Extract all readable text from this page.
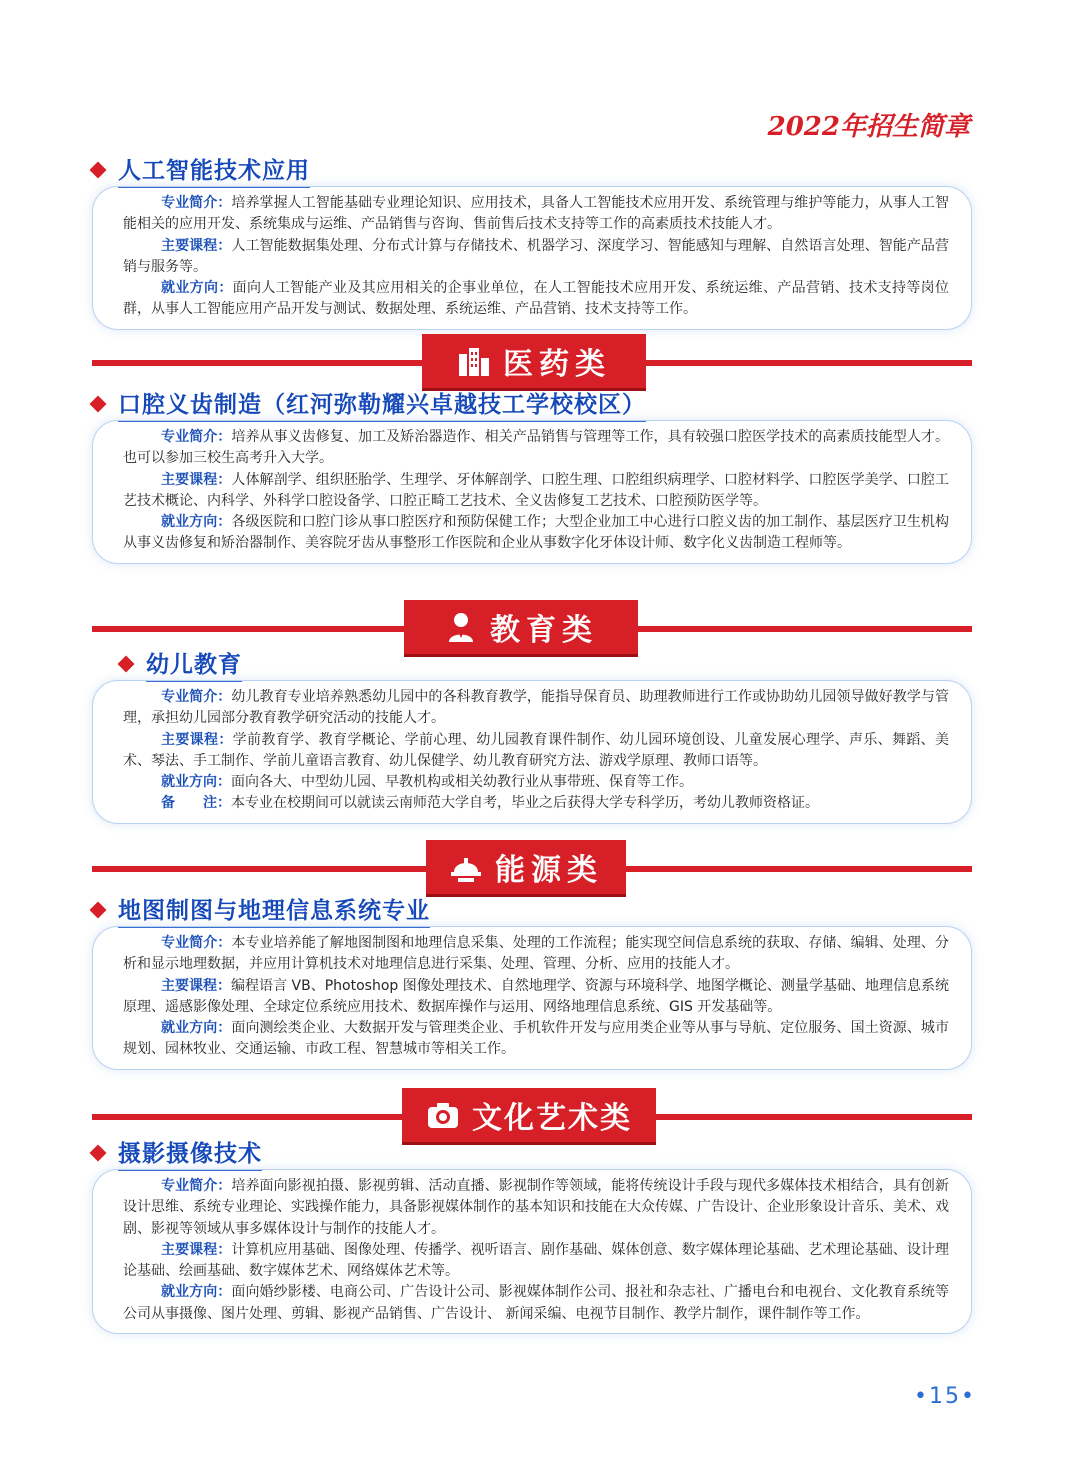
2022年招生简章
人工智能技术应用

专业简介：培养掌握人工智能基础专业理论知识、应用技术，具备人工智能技术应用开发、系统管理与维护等能力，从事人工智能相关的应用开发、系统集成与运维、产品销售与咨询、售前售后技术支持等工作的高素质技术技能人才。

主要课程：人工智能数据集处理、分布式计算与存储技术、机器学习、深度学习、智能感知与理解、自然语言处理、智能产品营销与服务等。

就业方向：面向人工智能产业及其应用相关的企事业单位，在人工智能技术应用开发、系统运维、产品营销、技术支持等岗位群，从事人工智能应用产品开发与测试、数据处理、系统运维、产品营销、技术支持等工作。

医药类
口腔义齿制造（红河弥勒耀兴卓越技工学校校区）

专业简介：培养从事义齿修复、加工及矫治器造作、相关产品销售与管理等工作，具有较强口腔医学技术的高素质技能型人才。也可以参加三校生高考升入大学。

主要课程：人体解剖学、组织胚胎学、生理学、牙体解剖学、口腔生理、口腔组织病理学、口腔材料学、口腔医学美学、口腔工艺技术概论、内科学、外科学口腔设备学、口腔正畸工艺技术、全义齿修复工艺技术、口腔预防医学等。

就业方向：各级医院和口腔门诊从事口腔医疗和预防保健工作；大型企业加工中心进行口腔义齿的加工制作、基层医疗卫生机构从事义齿修复和矫治器制作、美容院牙齿从事整形工作医院和企业从事数字化牙体设计师、数字化义齿制造工程师等。

教育类
幼儿教育

专业简介：幼儿教育专业培养熟悉幼儿园中的各科教育教学，能指导保育员、助理教师进行工作或协助幼儿园领导做好教学与管理，承担幼儿园部分教育教学研究活动的技能人才。

主要课程：学前教育学、教育学概论、学前心理、幼儿园教育课件制作、幼儿园环境创设、儿童发展心理学、声乐、舞蹈、美术、琴法、手工制作、学前儿童语言教育、幼儿保健学、幼儿教育研究方法、游戏学原理、教师口语等。

就业方向：面向各大、中型幼儿园、早教机构或相关幼教行业从事带班、保育等工作。

备　　注：本专业在校期间可以就读云南师范大学自考，毕业之后获得大学专科学历，考幼儿教师资格证。

能源类
地图制图与地理信息系统专业

专业简介：本专业培养能了解地图制图和地理信息采集、处理的工作流程；能实现空间信息系统的获取、存储、编辑、处理、分析和显示地理数据，并应用计算机技术对地理信息进行采集、处理、管理、分析、应用的技能人才。

主要课程：编程语言 VB、Photoshop 图像处理技术、自然地理学、资源与环境科学、地图学概论、测量学基础、地理信息系统原理、遥感影像处理、全球定位系统应用技术、数据库操作与运用、网络地理信息系统、GIS 开发基础等。

就业方向：面向测绘类企业、大数据开发与管理类企业、手机软件开发与应用类企业等从事与导航、定位服务、国土资源、城市规划、园林牧业、交通运输、市政工程、智慧城市等相关工作。

文化艺术类
摄影摄像技术

专业简介：培养面向影视拍摄、影视剪辑、活动直播、影视制作等领域，能将传统设计手段与现代多媒体技术相结合，具有创新设计思维、系统专业理论、实践操作能力，具备影视媒体制作的基本知识和技能在大众传媒、广告设计、企业形象设计音乐、美术、戏剧、影视等领域从事多媒体设计与制作的技能人才。

主要课程：计算机应用基础、图像处理、传播学、视听语言、剧作基础、媒体创意、数字媒体理论基础、艺术理论基础、设计理论基础、绘画基础、数字媒体艺术、网络媒体艺术等。

就业方向：面向婚纱影楼、电商公司、广告设计公司、影视媒体制作公司、报社和杂志社、广播电台和电视台、文化教育系统等公司从事摄像、图片处理、剪辑、影视产品销售、广告设计、 新闻采编、电视节目制作、教学片制作，课件制作等工作。

•15•
